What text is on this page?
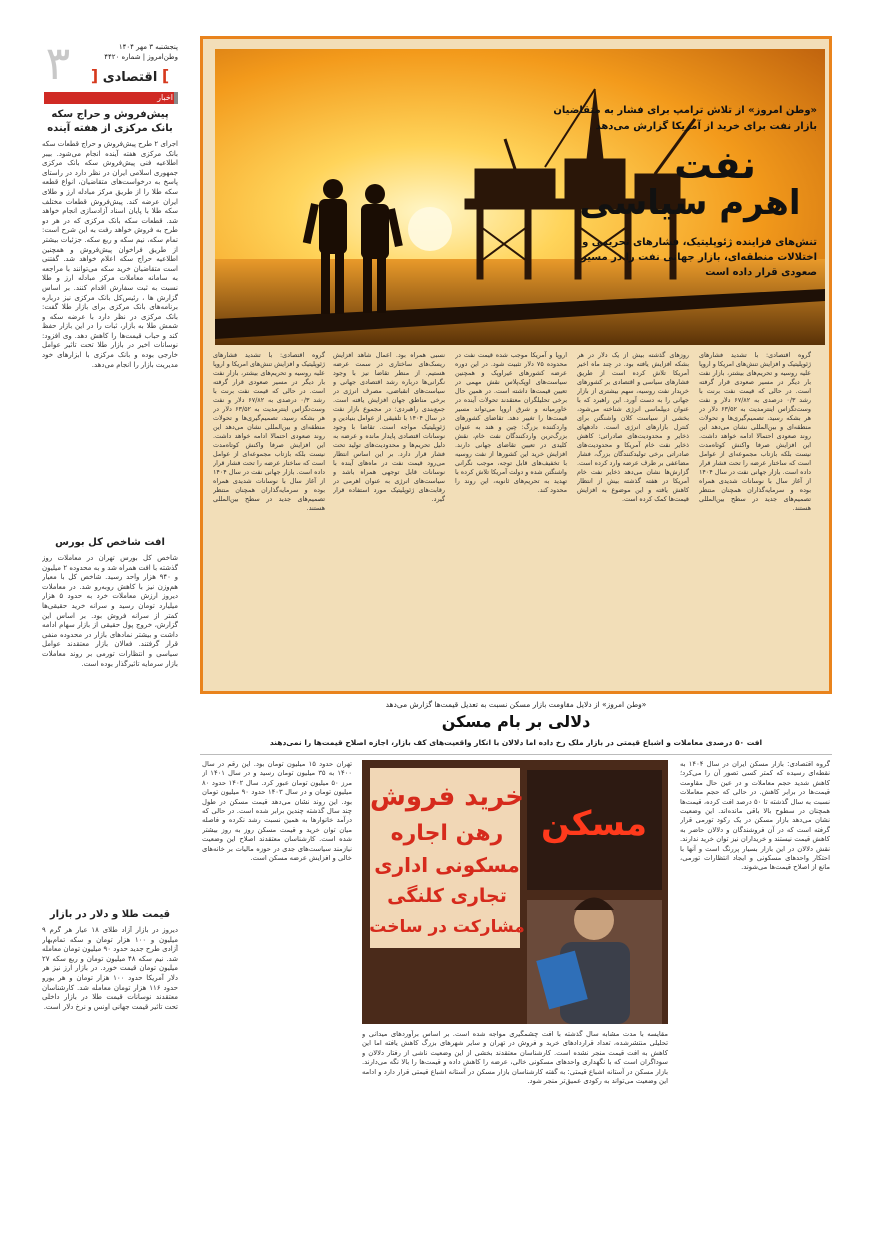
۳	پنجشنبه ۳ مهر ۱۴۰۴
وطن‌امروز | شماره ۴۴۲۰
] اقتصادی [
اخبار
پیش‌فروش و حراج سکه بانک مرکزی از هفته آینده
اجرای ۲ طرح پیش‌فروش و حراج قطعات سکه بانک مرکزی هفته آینده انجام می‌شود. بیبر اطلاعیه فنی پیش‌فروش سکه بانک مرکزی جمهوری اسلامی ایران در نظر دارد در راستای پاسخ به درخواست‌های متقاضیان، انواع قطعه سکه طلا را از طریق مرکز مبادله ارز و طلای ایران عرضه کند. پیش‌فروش قطعات مختلف سکه طلا با پایان اسناد آزادسازی انجام خواهد شد. قطعات سکه بانک مرکزی که در هر دو طرح به فروش خواهد رفت به این شرح است: تمام سکه، نیم سکه و ربع سکه. جزئیات بیشتر از طریق فراخوان پیش‌فروش و همچنین اطلاعیه حراج سکه اعلام خواهد شد. گفتنی است متقاضیان خرید سکه می‌توانند با مراجعه به سامانه معاملات مرکز مبادله ارز و طلا نسبت به ثبت سفارش اقدام کنند. بر اساس گزارش ها ، رئیس‌کل بانک مرکزی نیز درباره برنامه‌های بانک مرکزی برای بازار طلا گفت: بانک مرکزی در نظر دارد با عرضه سکه و شمش طلا به بازار، ثبات را در این بازار حفظ کند و حباب قیمت‌ها را کاهش دهد. وی افزود: نوسانات اخیر در بازار طلا تحت تاثیر عوامل خارجی بوده و بانک مرکزی با ابزارهای خود مدیریت بازار را انجام می‌دهد.
افت شاخص کل بورس
شاخص کل بورس تهران در معاملات روز گذشته با افت همراه شد و به محدوده ۲ میلیون و ۹۴۰ هزار واحد رسید. شاخص کل با معیار هم‌وزن نیز با کاهش روبه‌رو شد. در معاملات دیروز ارزش معاملات خرد به حدود ۵ هزار میلیارد تومان رسید و سرانه خرید حقیقی‌ها کمتر از سرانه فروش بود. بر اساس این گزارش، خروج پول حقیقی از بازار سهام ادامه داشت و بیشتر نمادهای بازار در محدوده منفی قرار گرفتند. فعالان بازار معتقدند عوامل سیاسی و انتظارات تورمی بر روند معاملات بازار سرمایه تاثیرگذار بوده است.
قیمت طلا و دلار در بازار
دیروز در بازار آزاد طلای ۱۸ عیار هر گرم ۹ میلیون و ۱۰۰ هزار تومان و سکه تمام‌بهار آزادی طرح جدید حدود ۹۰ میلیون تومان معامله شد. نیم سکه ۴۸ میلیون تومان و ربع سکه ۲۷ میلیون تومان قیمت خورد. در بازار ارز نیز هر دلار آمریکا حدود ۱۰۰ هزار تومان و هر یورو حدود ۱۱۶ هزار تومان معامله شد. کارشناسان معتقدند نوسانات قیمت طلا در بازار داخلی تحت تاثیر قیمت جهانی اونس و نرخ دلار است.
«وطن امروز» از تلاش ترامپ برای فشار به متقاضیان بازار نفت برای خرید از آمریکا گزارش می‌دهد
نفت
اهرم سیاسی
تنش‌های فزاینده ژئوپلیتیک، فشارهای تحریمی و اختلالات منطقه‌ای، بازار جهانی نفت را در مسیر صعودی قرار داده است
گروه اقتصادی: با تشدید فشارهای ژئوپلیتیک و افزایش تنش‌های امریکا و اروپا علیه روسیه و تحریم‌های بیشتر، بازار نفت بار دیگر در مسیر صعودی قرار گرفته است. در حالی که قیمت نفت برنت با رشد ۰/۳ درصدی به ۶۷/۸۲ دلار و نفت وست‌تگزاس اینترمدیت به ۶۳/۵۲ دلار در هر بشکه رسید، تصمیم‌گیری‌ها و تحولات منطقه‌ای و بین‌المللی نشان می‌دهد این روند صعودی احتمالا ادامه خواهد داشت. این افزایش صرفا واکنش کوتاه‌مدت نیست بلکه بازتاب مجموعه‌ای از عوامل است که ساختار عرضه را تحت فشار قرار داده است. بازار جهانی نفت در سال ۱۴۰۴ از آغاز سال با نوسانات شدیدی همراه بوده و سرمایه‌گذاران همچنان منتظر تصمیم‌های جدید در سطح بین‌المللی هستند.
روزهای گذشته بیش از یک دلار در هر بشکه افزایش یافته بود. در چند ماه اخیر آمریکا تلاش کرده است از طریق فشارهای سیاسی و اقتصادی بر کشورهای خریدار نفت روسیه، سهم بیشتری از بازار جهانی را به دست آورد. این راهبرد که با عنوان دیپلماسی انرژی شناخته می‌شود، بخشی از سیاست کلان واشنگتن برای کنترل بازارهای انرژی است. دادههای ذخایر و محدودیت‌های صادراتی: کاهش ذخایر نفت خام آمریکا و محدودیت‌های صادراتی برخی تولیدکنندگان بزرگ، فشار مضاعفی بر طرف عرضه وارد کرده است. گزارش‌ها نشان می‌دهد ذخایر نفت خام آمریکا در هفته گذشته بیش از انتظار کاهش یافته و این موضوع به افزایش قیمت‌ها کمک کرده است.
اروپا و آمریکا موجب شده قیمت نفت در محدوده ۷۵ دلار تثبیت شود. در این دوره عرضه کشورهای غیراوپک و همچنین سیاست‌های اوپک‌پلاس نقش مهمی در تعیین قیمت‌ها داشته است. در همین حال برخی تحلیلگران معتقدند تحولات آینده در خاورمیانه و شرق اروپا می‌تواند مسیر قیمت‌ها را تغییر دهد. تقاضای کشورهای واردکننده بزرگ: چین و هند به عنوان بزرگ‌ترین واردکنندگان نفت خام، نقش کلیدی در تعیین تقاضای جهانی دارند. افزایش خرید این کشورها از نفت روسیه با تخفیف‌های قابل توجه، موجب نگرانی واشنگتن شده و دولت آمریکا تلاش کرده با تهدید به تحریم‌های ثانویه، این روند را محدود کند.
نسبی همراه بود. اعمال شاهد افزایش ریسک‌های ساختاری در سمت عرضه هستیم. از منظر تقاضا نیز با وجود نگرانی‌ها درباره رشد اقتصادی جهانی و سیاست‌های انقباضی، مصرف انرژی در برخی مناطق جهان افزایش یافته است. جمع‌بندی راهبردی: در مجموع بازار نفت در سال ۱۴۰۴ با تلفیقی از عوامل بنیادین و ژئوپلیتیک مواجه است. تقاضا با وجود نوسانات اقتصادی پایدار مانده و عرضه به دلیل تحریم‌ها و محدودیت‌های تولید تحت فشار قرار دارد. بر این اساس انتظار می‌رود قیمت نفت در ماه‌های آینده با نوسانات قابل توجهی همراه باشد و سیاست‌های انرژی به عنوان اهرمی در رقابت‌های ژئوپلیتیک مورد استفاده قرار گیرد.
گروه اقتصادی: با تشدید فشارهای ژئوپلیتیک و افزایش تنش‌های امریکا و اروپا علیه روسیه و تحریم‌های بیشتر، بازار نفت بار دیگر در مسیر صعودی قرار گرفته است. در حالی که قیمت نفت برنت با رشد ۰/۳ درصدی به ۶۷/۸۲ دلار و نفت وست‌تگزاس اینترمدیت به ۶۳/۵۲ دلار در هر بشکه رسید، تصمیم‌گیری‌ها و تحولات منطقه‌ای و بین‌المللی نشان می‌دهد این روند صعودی احتمالا ادامه خواهد داشت. این افزایش صرفا واکنش کوتاه‌مدت نیست بلکه بازتاب مجموعه‌ای از عوامل است که ساختار عرضه را تحت فشار قرار داده است. بازار جهانی نفت در سال ۱۴۰۴ از آغاز سال با نوسانات شدیدی همراه بوده و سرمایه‌گذاران همچنان منتظر تصمیم‌های جدید در سطح بین‌المللی هستند.
«وطن امروز» از دلایل مقاومت بازار مسکن نسبت به تعدیل قیمت‌ها گزارش می‌دهد
دلالی بر بام مسکن
افت ۵۰ درصدی معاملات و اشباع قیمتی در بازار ملک رخ داده اما دلالان با انکار واقعیت‌های کف بازار، اجازه اصلاح قیمت‌ها را نمی‌دهند
گروه اقتصادی: بازار مسکن ایران در سال ۱۴۰۴ به نقطه‌ای رسیده که کمتر کسی تصور آن را می‌کرد؛ کاهش شدید حجم معاملات و در عین حال مقاومت قیمت‌ها در برابر کاهش. در حالی که حجم معاملات نسبت به سال گذشته تا ۵۰ درصد افت کرده، قیمت‌ها همچنان در سطوح بالا باقی مانده‌اند. این وضعیت نشان می‌دهد بازار مسکن در یک رکود تورمی قرار گرفته است که در آن فروشندگان و دلالان حاضر به کاهش قیمت نیستند و خریداران نیز توان خرید ندارند. نقش دلالان در این بازار بسیار پررنگ است و آنها با احتکار واحدهای مسکونی و ایجاد انتظارات تورمی، مانع از اصلاح قیمت‌ها می‌شوند.
مقایسه با مدت مشابه سال گذشته با افت چشمگیری مواجه شده است. بر اساس برآوردهای میدانی و تحلیلی منتشرشده، تعداد قراردادهای خرید و فروش در تهران و سایر شهرهای بزرگ کاهش یافته اما این کاهش به افت قیمت منجر نشده است. کارشناسان معتقدند بخشی از این وضعیت ناشی از رفتار دلالان و سوداگران است که با نگهداری واحدهای مسکونی خالی، عرضه را کاهش داده و قیمت‌ها را بالا نگه می‌دارند. بازار مسکن در آستانه اشباع قیمتی: به گفته کارشناسان بازار مسکن در آستانه اشباع قیمتی قرار دارد و ادامه این وضعیت می‌تواند به رکودی عمیق‌تر منجر شود.
تهران حدود ۱۵ میلیون تومان بود. این رقم در سال ۱۴۰۰ به ۳۵ میلیون تومان رسید و در سال ۱۴۰۱ از مرز ۵۰ میلیون تومان عبور کرد. سال ۱۴۰۲ حدود ۸۰ میلیون تومان و در سال ۱۴۰۳ حدود ۹۰ میلیون تومان بود. این روند نشان می‌دهد قیمت مسکن در طول چند سال گذشته چندین برابر شده است. در حالی که درآمد خانوارها به همین نسبت رشد نکرده و فاصله میان توان خرید و قیمت مسکن روز به روز بیشتر شده است. کارشناسان معتقدند اصلاح این وضعیت نیازمند سیاست‌های جدی در حوزه مالیات بر خانه‌های خالی و افزایش عرضه مسکن است.
خرید فروش
رهن اجاره
مسکونی اداری
تجاری کلنگی
مشارکت در ساخت
مسکن
